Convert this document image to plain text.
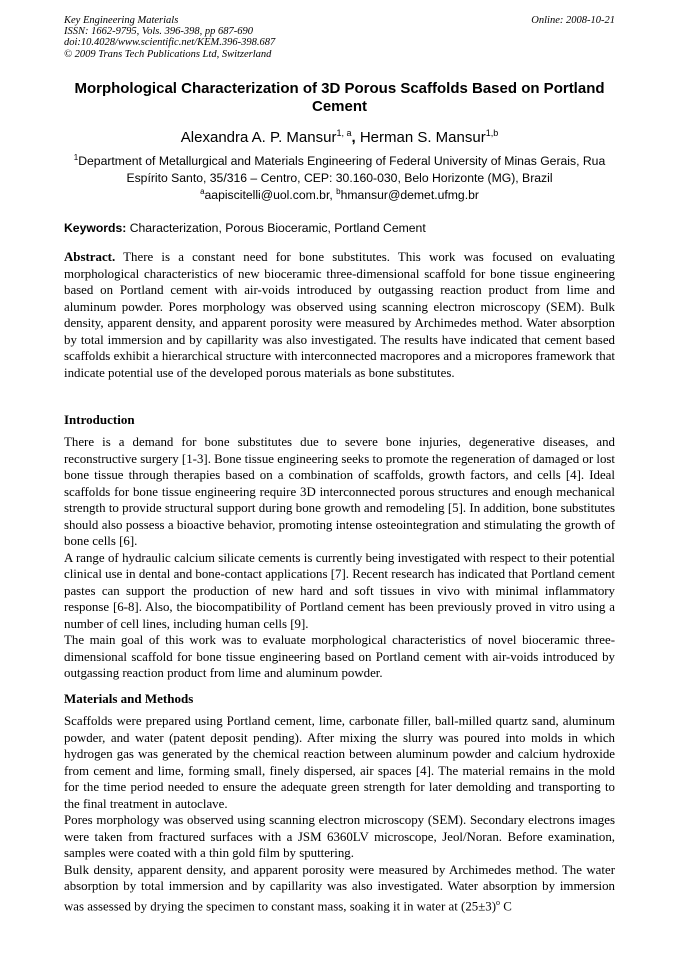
Key Engineering Materials
ISSN: 1662-9795, Vols. 396-398, pp 687-690
doi:10.4028/www.scientific.net/KEM.396-398.687
© 2009 Trans Tech Publications Ltd, Switzerland
Online: 2008-10-21
Morphological Characterization of 3D Porous Scaffolds Based on Portland Cement
Alexandra A. P. Mansur$^{1, a}$, Herman S. Mansur$^{1,b}$
$^1$Department of Metallurgical and Materials Engineering of Federal University of Minas Gerais, Rua Espírito Santo, 35/316 – Centro, CEP: 30.160-030, Belo Horizonte (MG), Brazil
$^a$aapiscitelli@uol.com.br, $^b$hmansur@demet.ufmg.br
Keywords: Characterization, Porous Bioceramic, Portland Cement

Abstract. There is a constant need for bone substitutes. This work was focused on evaluating morphological characteristics of new bioceramic three-dimensional scaffold for bone tissue engineering based on Portland cement with air-voids introduced by outgassing reaction product from lime and aluminum powder. Pores morphology was observed using scanning electron microscopy (SEM). Bulk density, apparent density, and apparent porosity were measured by Archimedes method. Water absorption by total immersion and by capillarity was also investigated. The results have indicated that cement based scaffolds exhibit a hierarchical structure with interconnected macropores and a micropores framework that indicate potential use of the developed porous materials as bone substitutes.

Introduction

There is a demand for bone substitutes due to severe bone injuries, degenerative diseases, and reconstructive surgery [1-3]. Bone tissue engineering seeks to promote the regeneration of damaged or lost bone tissue through therapies based on a combination of scaffolds, growth factors, and cells [4]. Ideal scaffolds for bone tissue engineering require 3D interconnected porous structures and enough mechanical strength to provide structural support during bone growth and remodeling [5]. In addition, bone substitutes should also possess a bioactive behavior, promoting intense osteointegration and stimulating the growth of bone cells [6].

A range of hydraulic calcium silicate cements is currently being investigated with respect to their potential clinical use in dental and bone-contact applications [7]. Recent research has indicated that Portland cement pastes can support the production of new hard and soft tissues in vivo with minimal inflammatory response [6-8]. Also, the biocompatibility of Portland cement has been previously proved in vitro using a number of cell lines, including human cells [9].

The main goal of this work was to evaluate morphological characteristics of novel bioceramic three-dimensional scaffold for bone tissue engineering based on Portland cement with air-voids introduced by outgassing reaction product from lime and aluminum powder.

Materials and Methods

Scaffolds were prepared using Portland cement, lime, carbonate filler, ball-milled quartz sand, aluminum powder, and water (patent deposit pending). After mixing the slurry was poured into molds in which hydrogen gas was generated by the chemical reaction between aluminum powder and calcium hydroxide from cement and lime, forming small, finely dispersed, air spaces [4]. The material remains in the mold for the time period needed to ensure the adequate green strength for later demolding and transporting to the final treatment in autoclave.

Pores morphology was observed using scanning electron microscopy (SEM). Secondary electrons images were taken from fractured surfaces with a JSM 6360LV microscope, Jeol/Noran. Before examination, samples were coated with a thin gold film by sputtering.

Bulk density, apparent density, and apparent porosity were measured by Archimedes method. The water absorption by total immersion and by capillarity was also investigated. Water absorption by immersion was assessed by drying the specimen to constant mass, soaking it in water at $(25\pm 3)^o$ C
